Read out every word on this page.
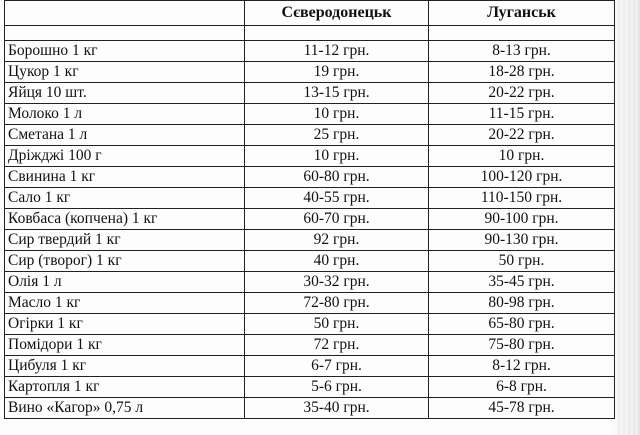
	Сєверодонецьк	Луганськ

Борошно 1 кг	11-12 грн.	8-13 грн.
Цукор 1 кг	19 грн.	18-28 грн.
Яйця 10 шт.	13-15 грн.	20-22 грн.
Молоко 1 л	10 грн.	11-15 грн.
Сметана 1 л	25 грн.	20-22 грн.
Дріжджі 100 г	10 грн.	10 грн.
Свинина 1 кг	60-80 грн.	100-120 грн.
Сало 1 кг	40-55 грн.	110-150 грн.
Ковбаса (копчена) 1 кг	60-70 грн.	90-100 грн.
Сир твердий 1 кг	92 грн.	90-130 грн.
Сир (творог) 1 кг	40 грн.	50 грн.
Олія 1 л	30-32 грн.	35-45 грн.
Масло 1 кг	72-80 грн.	80-98 грн.
Огірки 1 кг	50 грн.	65-80 грн.
Помідори 1 кг	72 грн.	75-80 грн.
Цибуля 1 кг	6-7 грн.	8-12 грн.
Картопля 1 кг	5-6 грн.	6-8 грн.
Вино «Кагор» 0,75 л	35-40 грн.	45-78 грн.
